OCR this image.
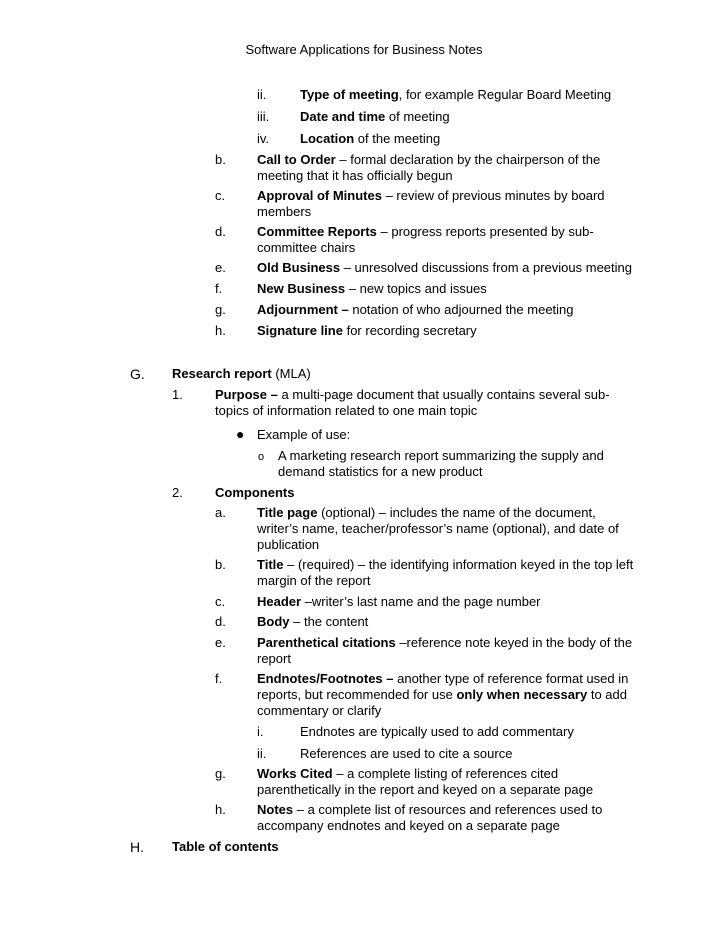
Software Applications for Business Notes
ii.	Type of meeting, for example Regular Board Meeting
iii. Date and time of meeting
iv. Location of the meeting
b. Call to Order – formal declaration by the chairperson of the
meeting that it has officially begun
c. Approval of Minutes – review of previous minutes by board
members
d. Committee Reports – progress reports presented by sub-
committee chairs
e. Old Business – unresolved discussions from a previous meeting
f.	New Business – new topics and issues
g. Adjournment – notation of who adjourned the meeting
h. Signature line for recording secretary
G. Research report (MLA)
1. Purpose – a multi-page document that usually contains several sub-
topics of information related to one main topic
● Example of use:
o A marketing research report summarizing the supply and
demand statistics for a new product
2. Components
a. Title page (optional) – includes the name of the document,
writer’s name, teacher/professor’s name (optional), and date of
publication
b. Title – (required) – the identifying information keyed in the top left
margin of the report
c. Header –writer’s last name and the page number
d. Body – the content
e. Parenthetical citations –reference note keyed in the body of the
report
f.	Endnotes/Footnotes – another type of reference format used in
reports, but recommended for use only when necessary to add
commentary or clarify
i.	Endnotes are typically used to add commentary
ii.	References are used to cite a source
g. Works Cited – a complete listing of references cited
parenthetically in the report and keyed on a separate page
h. Notes – a complete list of resources and references used to
accompany endnotes and keyed on a separate page
H. Table of contents
